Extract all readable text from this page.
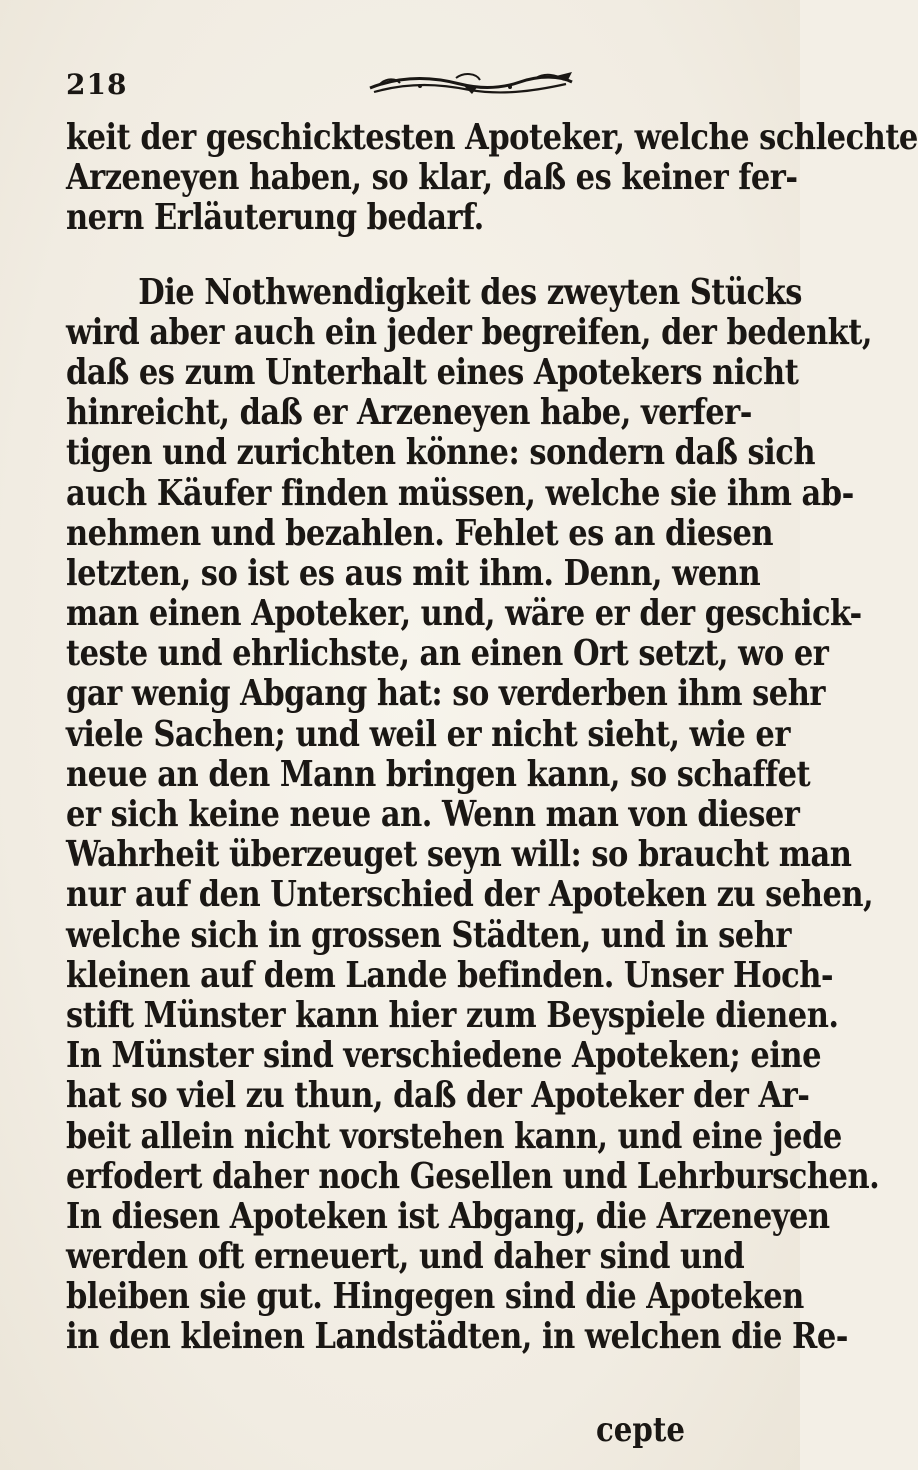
218
keit der geschicktesten Apoteker, welche schlechte
Arzeneyen haben, so klar, daß es keiner fer-
nern Erläuterung bedarf.
Die Nothwendigkeit des zweyten Stücks
wird aber auch ein jeder begreifen, der bedenkt,
daß es zum Unterhalt eines Apotekers nicht
hinreicht, daß er Arzeneyen habe, verfer-
tigen und zurichten könne: sondern daß sich
auch Käufer finden müssen, welche sie ihm ab-
nehmen und bezahlen. Fehlet es an diesen
letzten, so ist es aus mit ihm. Denn, wenn
man einen Apoteker, und, wäre er der geschick-
teste und ehrlichste, an einen Ort setzt, wo er
gar wenig Abgang hat: so verderben ihm sehr
viele Sachen; und weil er nicht sieht, wie er
neue an den Mann bringen kann, so schaffet
er sich keine neue an. Wenn man von dieser
Wahrheit überzeuget seyn will: so braucht man
nur auf den Unterschied der Apoteken zu sehen,
welche sich in grossen Städten, und in sehr
kleinen auf dem Lande befinden. Unser Hoch-
stift Münster kann hier zum Beyspiele dienen.
In Münster sind verschiedene Apoteken; eine
hat so viel zu thun, daß der Apoteker der Ar-
beit allein nicht vorstehen kann, und eine jede
erfodert daher noch Gesellen und Lehrburschen.
In diesen Apoteken ist Abgang, die Arzeneyen
werden oft erneuert, und daher sind und
bleiben sie gut. Hingegen sind die Apoteken
in den kleinen Landstädten, in welchen die Re-
cepte
